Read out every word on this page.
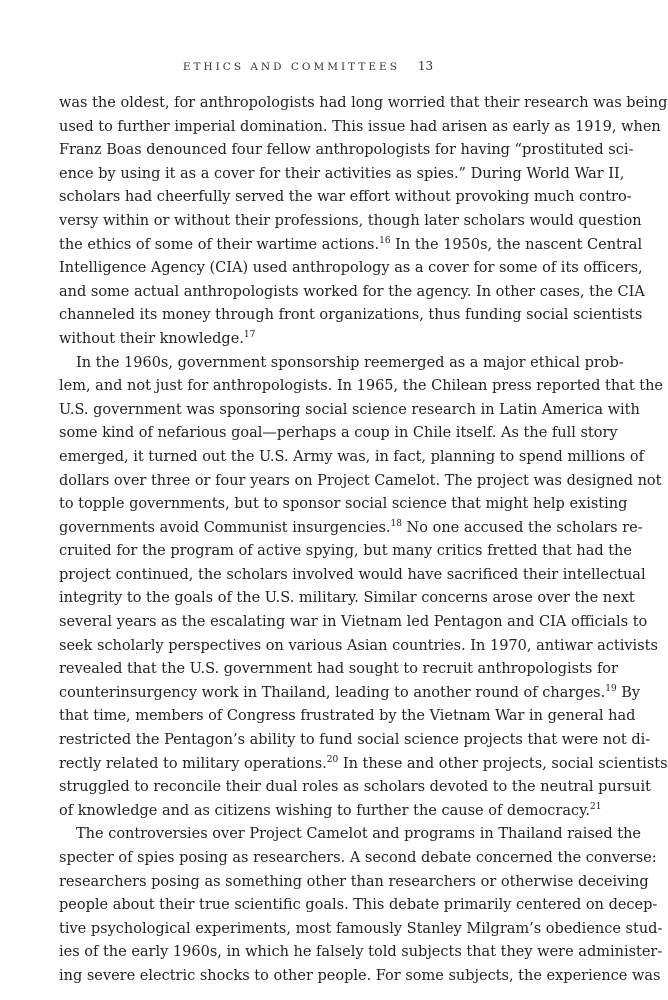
ETHICS AND COMMITTEES 13
was the oldest, for anthropologists had long worried that their research was being
used to further imperial domination. This issue had arisen as early as 1919, when
Franz Boas denounced four fellow anthropologists for having “prostituted sci-
ence by using it as a cover for their activities as spies.” During World War II,
scholars had cheerfully served the war effort without provoking much contro-
versy within or without their professions, though later scholars would question
the ethics of some of their wartime actions.$^{16}$ In the 1950s, the nascent Central
Intelligence Agency (CIA) used anthropology as a cover for some of its officers,
and some actual anthropologists worked for the agency. In other cases, the CIA
channeled its money through front organizations, thus funding social scientists
without their knowledge.$^{17}$
In the 1960s, government sponsorship reemerged as a major ethical prob-
lem, and not just for anthropologists. In 1965, the Chilean press reported that the
U.S. government was sponsoring social science research in Latin America with
some kind of nefarious goal—perhaps a coup in Chile itself. As the full story
emerged, it turned out the U.S. Army was, in fact, planning to spend millions of
dollars over three or four years on Project Camelot. The project was designed not
to topple governments, but to sponsor social science that might help existing
governments avoid Communist insurgencies.$^{18}$ No one accused the scholars re-
cruited for the program of active spying, but many critics fretted that had the
project continued, the scholars involved would have sacrificed their intellectual
integrity to the goals of the U.S. military. Similar concerns arose over the next
several years as the escalating war in Vietnam led Pentagon and CIA officials to
seek scholarly perspectives on various Asian countries. In 1970, antiwar activists
revealed that the U.S. government had sought to recruit anthropologists for
counterinsurgency work in Thailand, leading to another round of charges.$^{19}$ By
that time, members of Congress frustrated by the Vietnam War in general had
restricted the Pentagon’s ability to fund social science projects that were not di-
rectly related to military operations.$^{20}$ In these and other projects, social scientists
struggled to reconcile their dual roles as scholars devoted to the neutral pursuit
of knowledge and as citizens wishing to further the cause of democracy.$^{21}$
The controversies over Project Camelot and programs in Thailand raised the
specter of spies posing as researchers. A second debate concerned the converse:
researchers posing as something other than researchers or otherwise deceiving
people about their true scientific goals. This debate primarily centered on decep-
tive psychological experiments, most famously Stanley Milgram’s obedience stud-
ies of the early 1960s, in which he falsely told subjects that they were administer-
ing severe electric shocks to other people. For some subjects, the experience was
